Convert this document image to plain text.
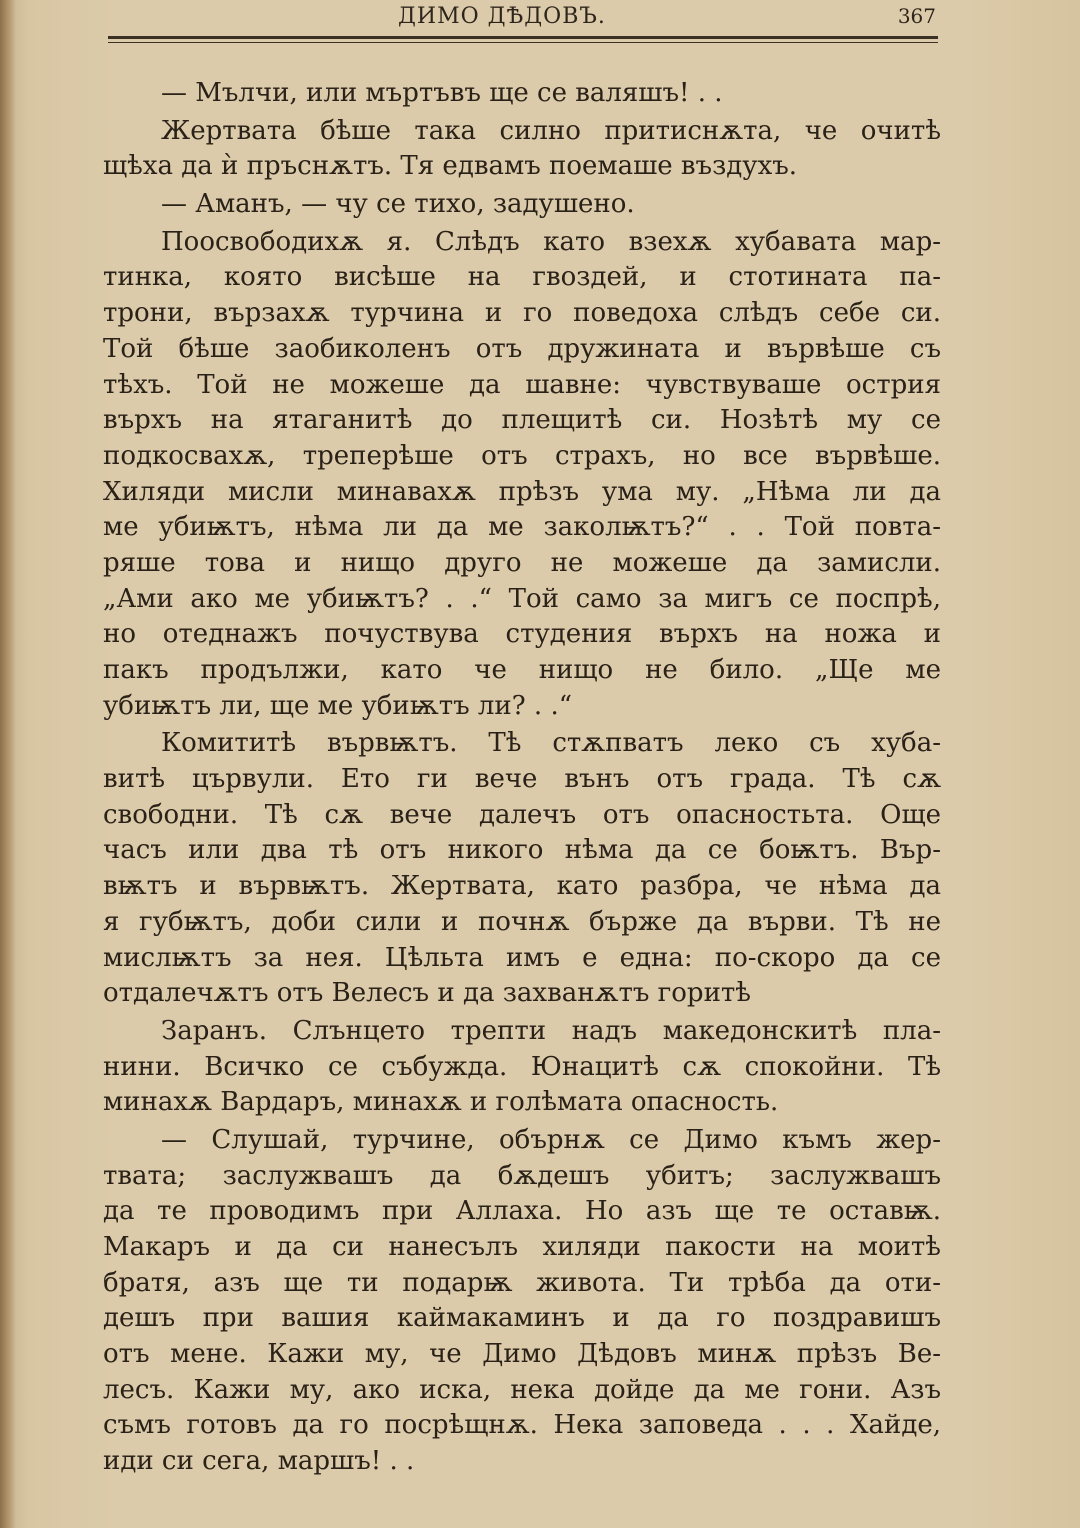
ДИМО ДѢДОВЪ.	367
— Мълчи, или мъртъвъ ще се валяшъ! . .
Жертвата бѣше така силно притиснѫта, че очитѣ
щѣха да ѝ пръснѫтъ. Тя едвамъ поемаше въздухъ.
— Аманъ, — чу се тихо, задушено.
Поосвободихѫ я. Слѣдъ като взехѫ хубавата мар-
тинка, която висѣше на гвоздей, и стотината па-
трони, вързахѫ турчина и го поведоха слѣдъ себе си.
Той бѣше заобиколенъ отъ дружината и вървѣше съ
тѣхъ. Той не можеше да шавне: чувствуваше острия
върхъ на ятаганитѣ до плещитѣ си. Нозѣтѣ му се
подкосвахѫ, треперѣше отъ страхъ, но все вървѣше.
Хиляди мисли минавахѫ прѣзъ ума му. „Нѣма ли да
ме убиѭтъ, нѣма ли да ме заколѭтъ?“ . . Той повта-
ряше това и нищо друго не можеше да замисли.
„Ами ако ме убиѭтъ? . .“ Той само за мигъ се поспрѣ,
но отеднажъ почуствува студения върхъ на ножа и
пакъ продължи, като че нищо не било. „Ще ме
убиѭтъ ли, ще ме убиѭтъ ли? . .“
Комититѣ вървѭтъ. Тѣ стѫпватъ леко съ хуба-
витѣ цървули. Ето ги вече вънъ отъ града. Тѣ сѫ
свободни. Тѣ сѫ вече далечъ отъ опасностьта. Още
часъ или два тѣ отъ никого нѣма да се боѭтъ. Вър-
вѭтъ и вървѭтъ. Жертвата, като разбра, че нѣма да
я губѭтъ, доби сили и почнѫ бърже да върви. Тѣ не
мислѭтъ за нея. Цѣльта имъ е една: по-скоро да се
отдалечѫтъ отъ Велесъ и да захванѫтъ горитѣ
Заранъ. Слънцето трепти надъ македонскитѣ пла-
нини. Всичко се събужда. Юнацитѣ сѫ спокойни. Тѣ
минахѫ Вардаръ, минахѫ и голѣмата опасность.
— Слушай, турчине, обърнѫ се Димо къмъ жер-
твата; заслужвашъ да бѫдешъ убитъ; заслужвашъ
да те проводимъ при Аллаха. Но азъ ще те оставѭ.
Макаръ и да си нанесълъ хиляди пакости на моитѣ
братя, азъ ще ти подарѭ живота. Ти трѣба да оти-
дешъ при вашия каймакаминъ и да го поздравишъ
отъ мене. Кажи му, че Димо Дѣдовъ минѫ прѣзъ Ве-
лесъ. Кажи му, ако иска, нека дойде да ме гони. Азъ
съмъ готовъ да го посрѣщнѫ. Нека заповеда . . . Хайде,
иди си сега, маршъ! . .
